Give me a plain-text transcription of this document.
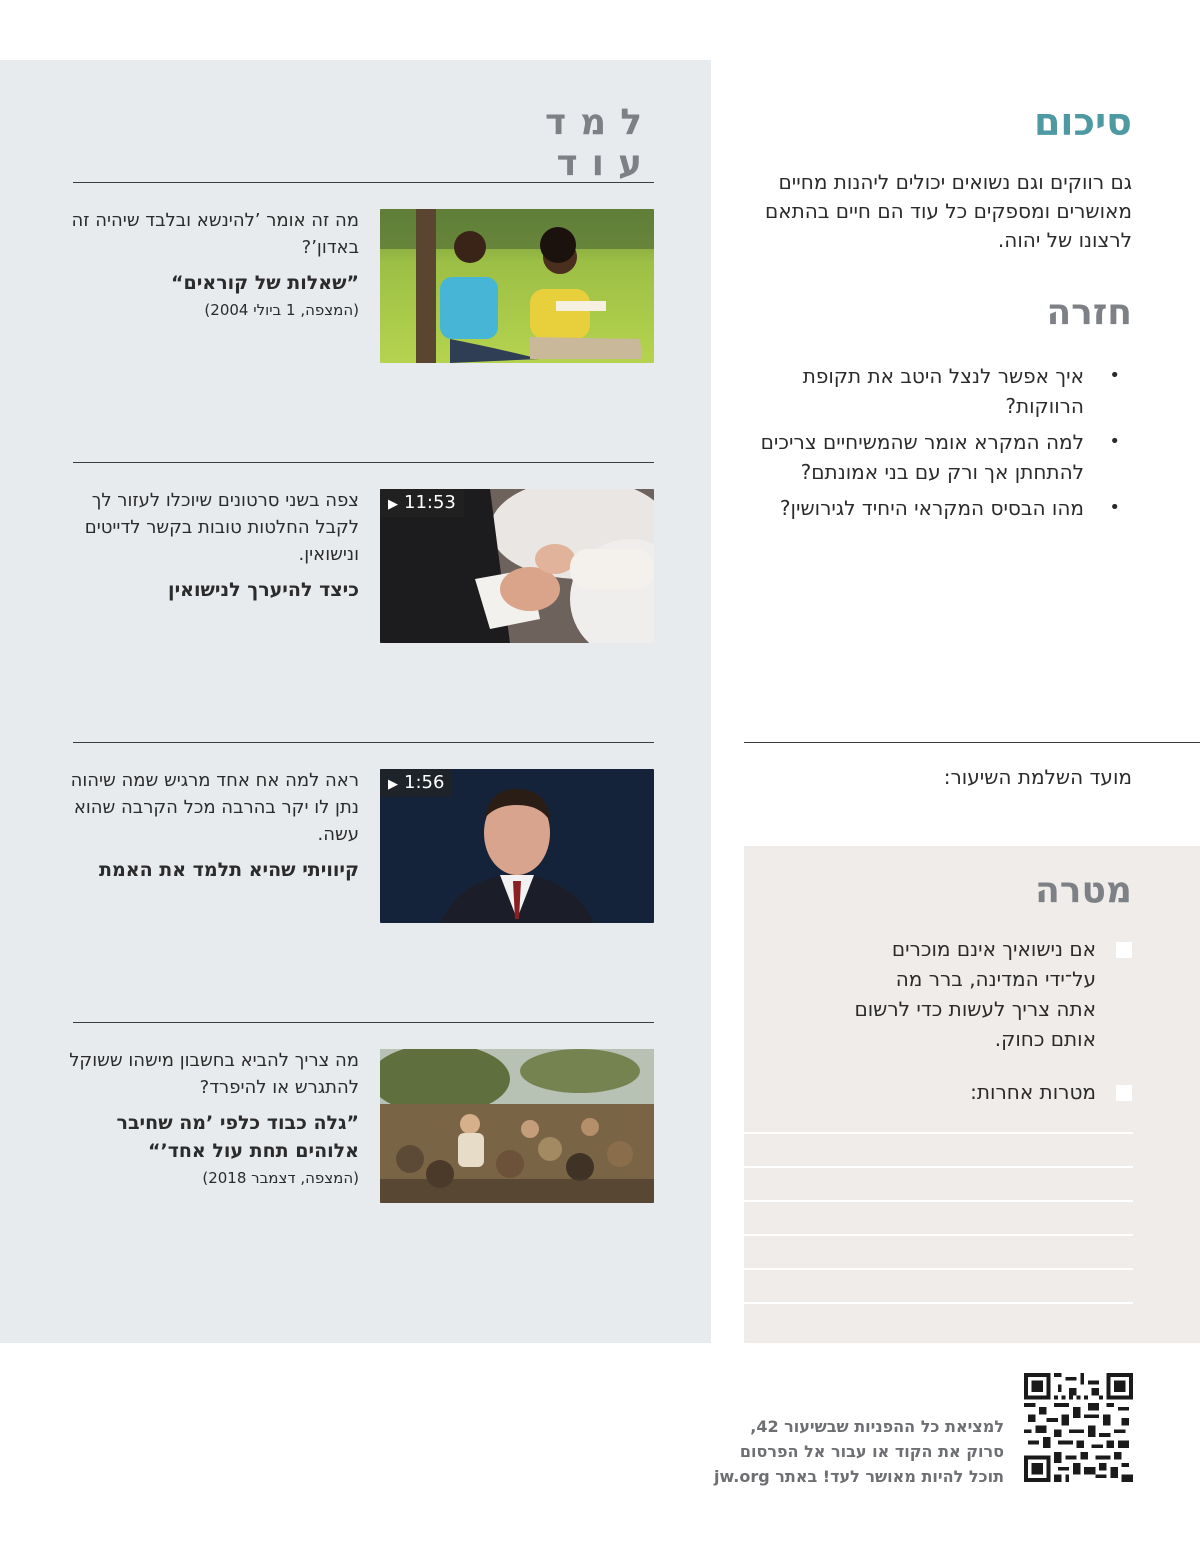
למד עוד
מה זה אומר ’להינשא ובלבד שיהיה זה באדון’?
”שאלות של קוראים“
(המצפה, 1 ביולי 2004)
▶ 11:53
צפה בשני סרטונים שיוכלו לעזור לך לקבל החלטות טובות בקשר לדייטים ונישואין.
כיצד להיערך לנישואין
▶ 1:56
ראה למה אח אחד מרגיש שמה שיהוה נתן לו יקר בהרבה מכל הקרבה שהוא עשה.
קיוויתי שהיא תלמד את האמת
מה צריך להביא בחשבון מישהו ששוקל להתגרש או להיפרד?
”גלה כבוד כלפי ’מה שחיבר אלוהים תחת עול אחד’“
(המצפה, דצמבר 2018)
סיכום
גם רווקים וגם נשואים יכולים ליהנות מחיים מאושרים ומספקים כל עוד הם חיים בהתאם לרצונו של יהוה.
חזרה
•
איך אפשר לנצל היטב את תקופת הרווקות?
•
למה המקרא אומר שהמשיחיים צריכים להתחתן אך ורק עם בני אמונתם?
•
מהו הבסיס המקראי היחיד לגירושין?
מועד השלמת השיעור:
מטרה
אם נישואיך אינם מוכרים על־ידי המדינה, ברר מה אתה צריך לעשות כדי לרשום אותם כחוק.
מטרות אחרות:
למציאת כל ההפניות שבשיעור 42,
סרוק את הקוד או עבור אל הפרסום
תוכל להיות מאושר לעד! באתר jw.org
